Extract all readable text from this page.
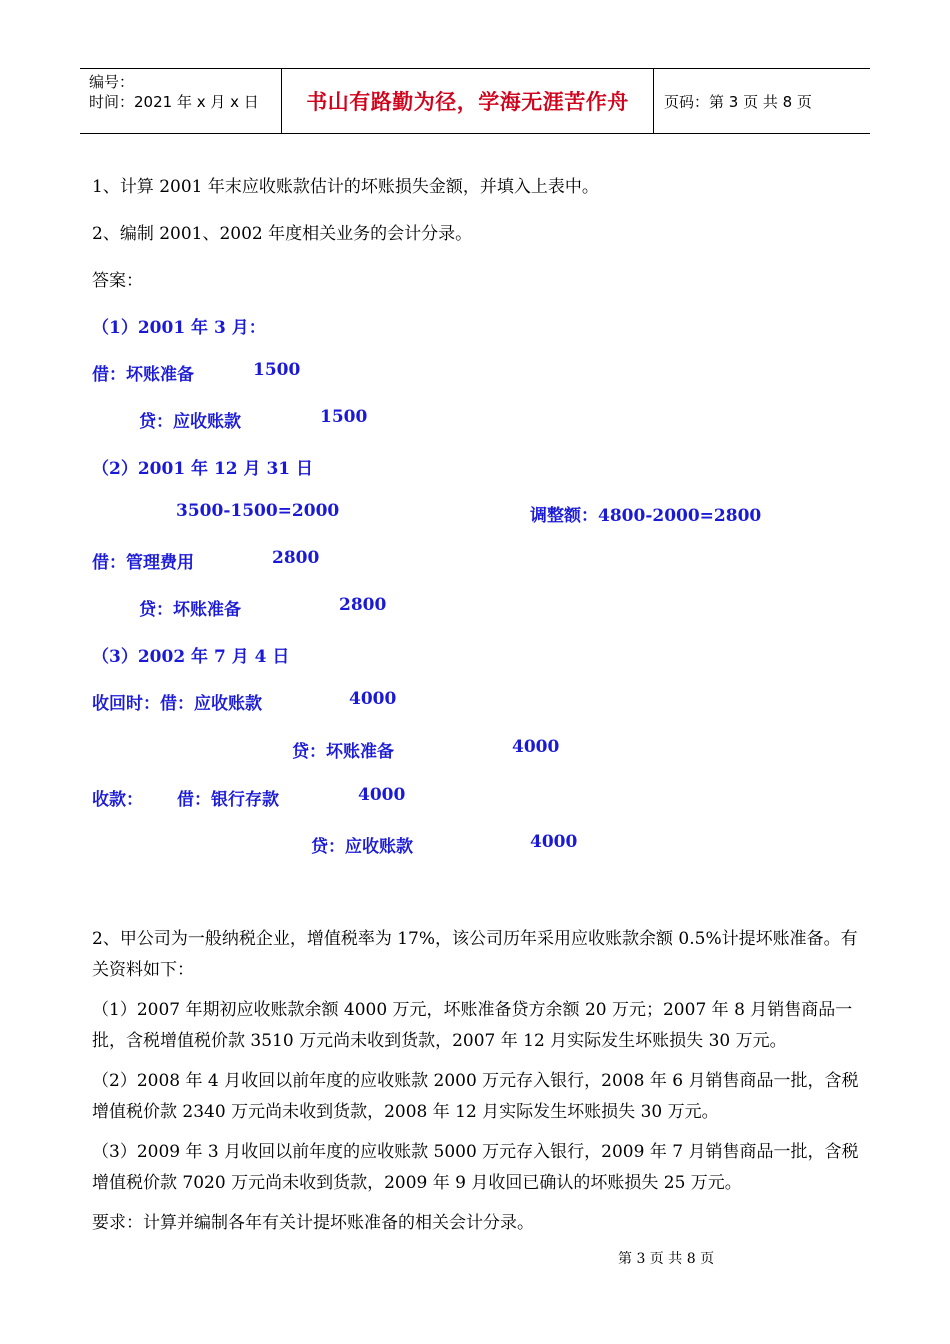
编号：
时间：2021 年 x 月 x 日	书山有路勤为径，学海无涯苦作舟	页码：第 3 页 共 8 页
1、计算 2001 年末应收账款估计的坏账损失金额，并填入上表中。
2、编制 2001、2002 年度相关业务的会计分录。
答案：
（1）2001 年 3 月：
借：坏账准备	1500
贷：应收账款	1500
（2）2001 年 12 月 31 日
3500-1500=2000	调整额：4800-2000=2800
借：管理费用	2800
贷：坏账准备	2800
（3）2002 年 7 月 4 日
收回时：借：应收账款	4000
贷：坏账准备	4000
收款： 借：银行存款	4000
贷：应收账款	4000
2、甲公司为一般纳税企业，增值税率为 17%，该公司历年采用应收账款余额 0.5%计提坏账准备。有关资料如下：
（1）2007 年期初应收账款余额 4000 万元，坏账准备贷方余额 20 万元；2007 年 8 月销售商品一批，含税增值税价款 3510 万元尚未收到货款，2007 年 12 月实际发生坏账损失 30 万元。
（2）2008 年 4 月收回以前年度的应收账款 2000 万元存入银行，2008 年 6 月销售商品一批，含税增值税价款 2340 万元尚未收到货款，2008 年 12 月实际发生坏账损失 30 万元。
（3）2009 年 3 月收回以前年度的应收账款 5000 万元存入银行，2009 年 7 月销售商品一批，含税增值税价款 7020 万元尚未收到货款，2009 年 9 月收回已确认的坏账损失 25 万元。
要求：计算并编制各年有关计提坏账准备的相关会计分录。
第 3 页 共 8 页
